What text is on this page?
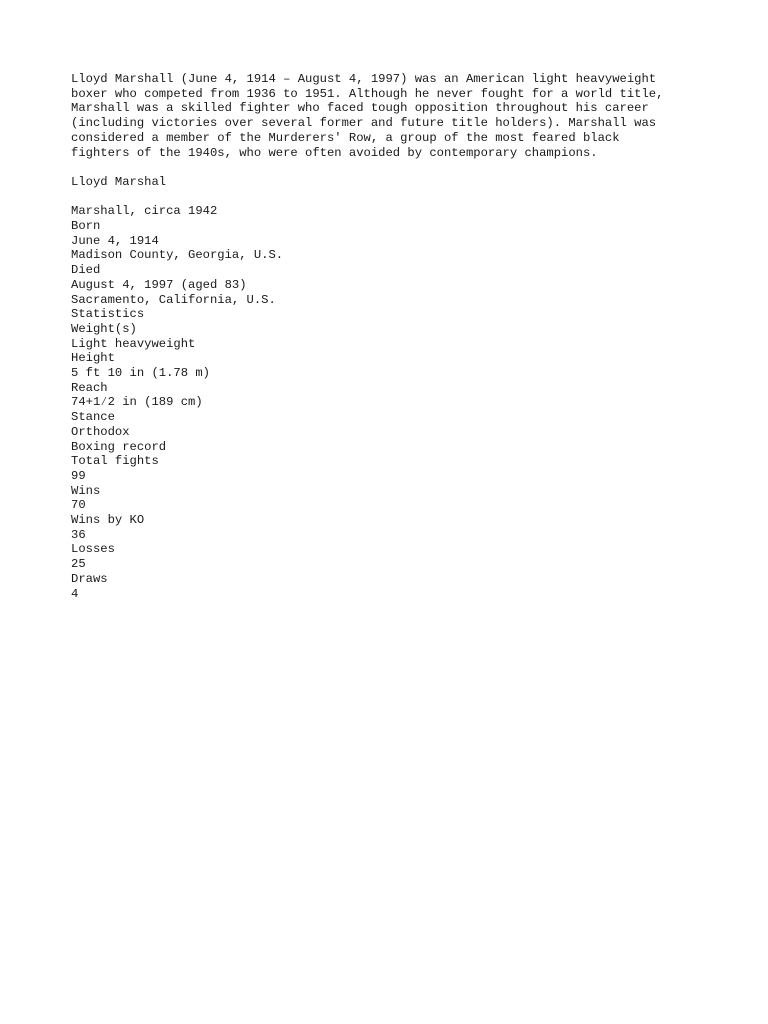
Lloyd Marshall (June 4, 1914 – August 4, 1997) was an American light heavyweight

boxer who competed from 1936 to 1951. Although he never fought for a world title,

Marshall was a skilled fighter who faced tough opposition throughout his career

(including victories over several former and future title holders). Marshall was

considered a member of the Murderers' Row, a group of the most feared black

fighters of the 1940s, who were often avoided by contemporary champions.

Lloyd Marshal

Marshall, circa 1942

Born

June 4, 1914

Madison County, Georgia, U.S.

Died

August 4, 1997 (aged 83)

Sacramento, California, U.S.

Statistics

Weight(s)

Light heavyweight

Height

5 ft 10 in (1.78 m)

Reach

74+1⁄2 in (189 cm)

Stance

Orthodox

Boxing record

Total fights

99

Wins

70

Wins by KO

36

Losses

25

Draws

4
